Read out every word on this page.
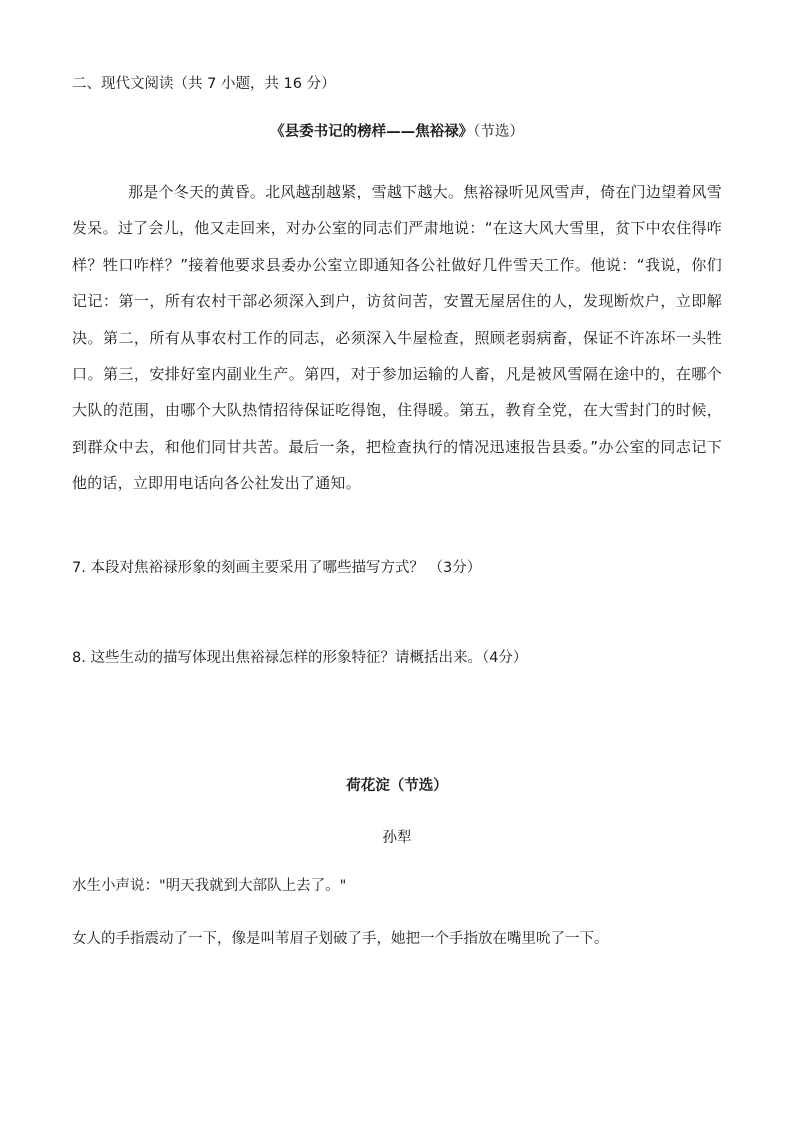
二、现代文阅读（共 7 小题，共 16 分）
《县委书记的榜样——焦裕禄》（节选）
那是个冬天的黄昏。北风越刮越紧，雪越下越大。焦裕禄听见风雪声，倚在门边望着风雪发呆。过了会儿，他又走回来，对办公室的同志们严肃地说：“在这大风大雪里，贫下中农住得咋样？牲口咋样？”接着他要求县委办公室立即通知各公社做好几件雪天工作。他说：“我说，你们记记：第一，所有农村干部必须深入到户，访贫问苦，安置无屋居住的人，发现断炊户，立即解决。第二，所有从事农村工作的同志，必须深入牛屋检查，照顾老弱病畜，保证不许冻坏一头牲口。第三，安排好室内副业生产。第四，对于参加运输的人畜，凡是被风雪隔在途中的，在哪个大队的范围，由哪个大队热情招待保证吃得饱，住得暖。第五，教育全党，在大雪封门的时候，到群众中去，和他们同甘共苦。最后一条，把检查执行的情况迅速报告县委。”办公室的同志记下他的话，立即用电话向各公社发出了通知。
7. 本段对焦裕禄形象的刻画主要采用了哪些描写方式？ （3分）
8. 这些生动的描写体现出焦裕禄怎样的形象特征？请概括出来。（4分）
荷花淀（节选）
孙犁
水生小声说："明天我就到大部队上去了。"
女人的手指震动了一下，像是叫苇眉子划破了手，她把一个手指放在嘴里吮了一下。
